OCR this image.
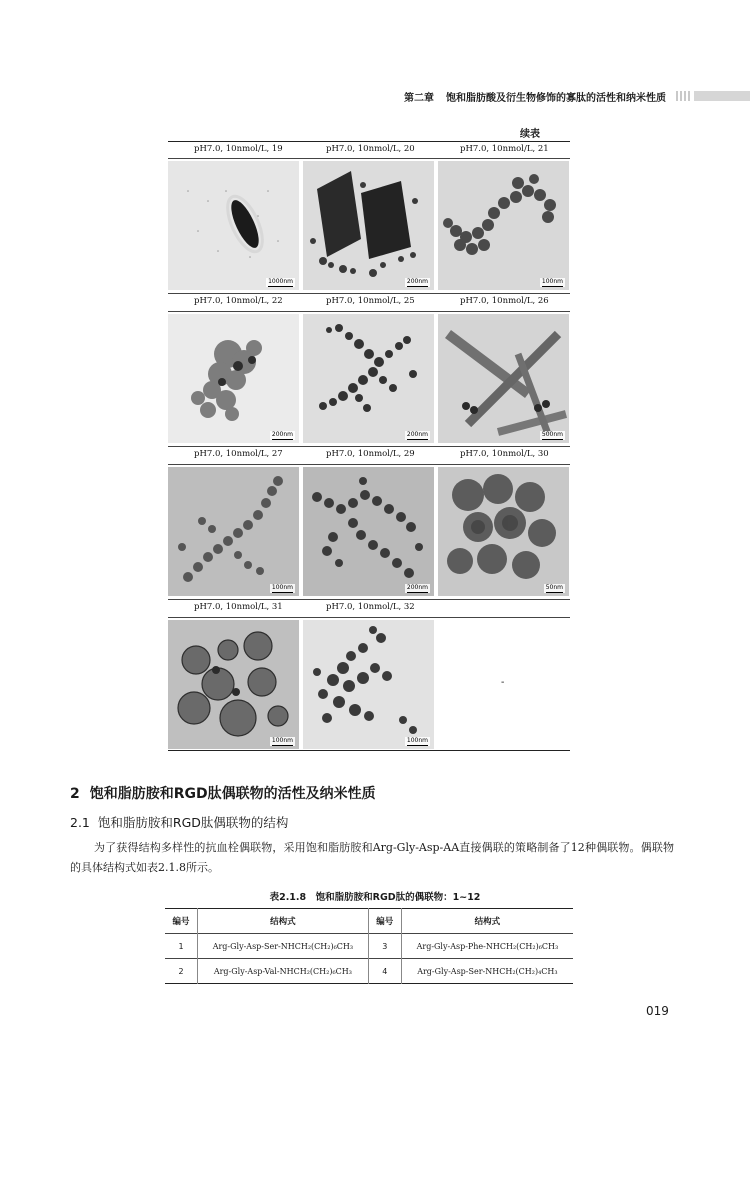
第二章 饱和脂肪酸及衍生物修饰的寡肽的活性和纳米性质
续表
pH7.0, 10nmol/L, 19	pH7.0, 10nmol/L, 20	pH7.0, 10nmol/L, 21
1000nm	200nm	100nm
pH7.0, 10nmol/L, 22	pH7.0, 10nmol/L, 25	pH7.0, 10nmol/L, 26
200nm	200nm	500nm
pH7.0, 10nmol/L, 27	pH7.0, 10nmol/L, 29	pH7.0, 10nmol/L, 30
100nm	200nm	50nm
pH7.0, 10nmol/L, 31	pH7.0, 10nmol/L, 32
100nm	100nm
-
2 饱和脂肪胺和RGD肽偶联物的活性及纳米性质
2.1 饱和脂肪胺和RGD肽偶联物的结构
为了获得结构多样性的抗血栓偶联物，采用饱和脂肪胺和Arg-Gly-Asp-AA直接偶联的策略制备了12种偶联物。偶联物的具体结构式如表2.1.8所示。
表2.1.8　饱和脂肪胺和RGD肽的偶联物：1~12
编号	结构式	编号	结构式
1	Arg-Gly-Asp-Ser-NHCH₂(CH₂)₆CH₃	3	Arg-Gly-Asp-Phe-NHCH₂(CH₂)₆CH₃
2	Arg-Gly-Asp-Val-NHCH₂(CH₂)₆CH₃	4	Arg-Gly-Asp-Ser-NHCH₂(CH₂)₄CH₃
019
